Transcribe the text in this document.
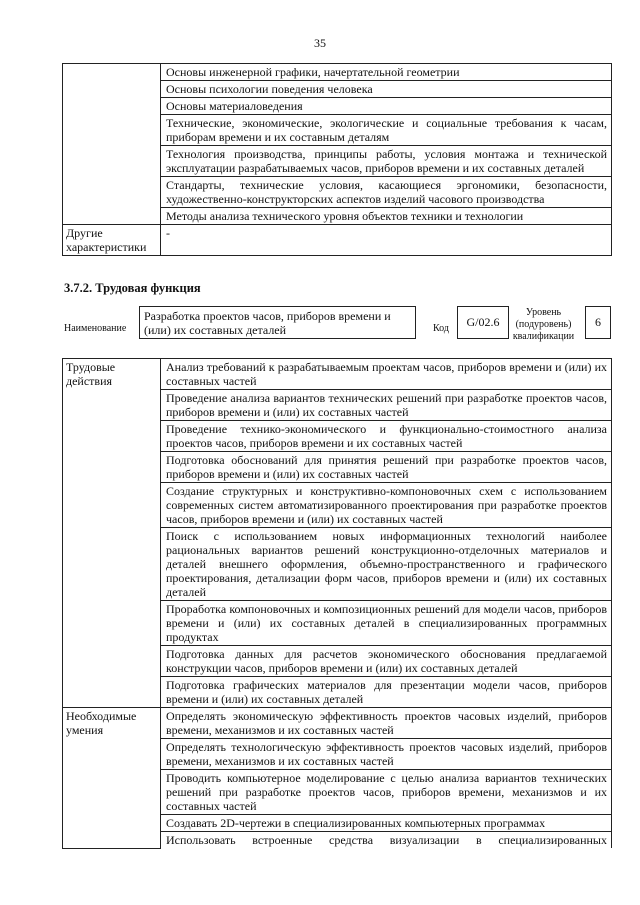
35
	Основы инженерной графики, начертательной геометрии
	Основы психологии поведения человека
	Основы материаловедения
	Технические, экономические, экологические и социальные требования к часам, приборам времени и их составным деталям
	Технология производства, принципы работы, условия монтажа и технической эксплуатации разрабатываемых часов, приборов времени и их составных деталей
	Стандарты, технические условия, касающиеся эргономики, безопасности, художественно-конструкторских аспектов изделий часового производства
	Методы анализа технического уровня объектов техники и технологии
Другие характеристики	-
3.7.2. Трудовая функция
Наименование
Разработка проектов часов, приборов времени и (или) их составных деталей	Код	G/02.6
Уровень (подуровень) квалификации
6
Трудовые действия	Анализ требований к разрабатываемым проектам часов, приборов времени и (или) их составных частей
	Проведение анализа вариантов технических решений при разработке проектов часов, приборов времени и (или) их составных частей
	Проведение технико-экономического и функционально-стоимостного анализа проектов часов, приборов времени и их составных частей
	Подготовка обоснований для принятия решений при разработке проектов часов, приборов времени и (или) их составных частей
	Создание структурных и конструктивно-компоновочных схем с использованием современных систем автоматизированного проектирования при разработке проектов часов, приборов времени и (или) их составных частей
	Поиск с использованием новых информационных технологий наиболее рациональных вариантов решений конструкционно-отделочных материалов и деталей внешнего оформления, объемно-пространственного и графического проектирования, детализации форм часов, приборов времени и (или) их составных деталей
	Проработка компоновочных и композиционных решений для модели часов, приборов времени и (или) их составных деталей в специализированных программных продуктах
	Подготовка данных для расчетов экономического обоснования предлагаемой конструкции часов, приборов времени и (или) их составных деталей
	Подготовка графических материалов для презентации модели часов, приборов времени и (или) их составных деталей
Необходимые умения	Определять экономическую эффективность проектов часовых изделий, приборов времени, механизмов и их составных частей
	Определять технологическую эффективность проектов часовых изделий, приборов времени, механизмов и их составных частей
	Проводить компьютерное моделирование с целью анализа вариантов технических решений при разработке проектов часов, приборов времени, механизмов и их составных частей
	Создавать 2D-чертежи в специализированных компьютерных программах
	Использовать встроенные средства визуализации в специализированных
